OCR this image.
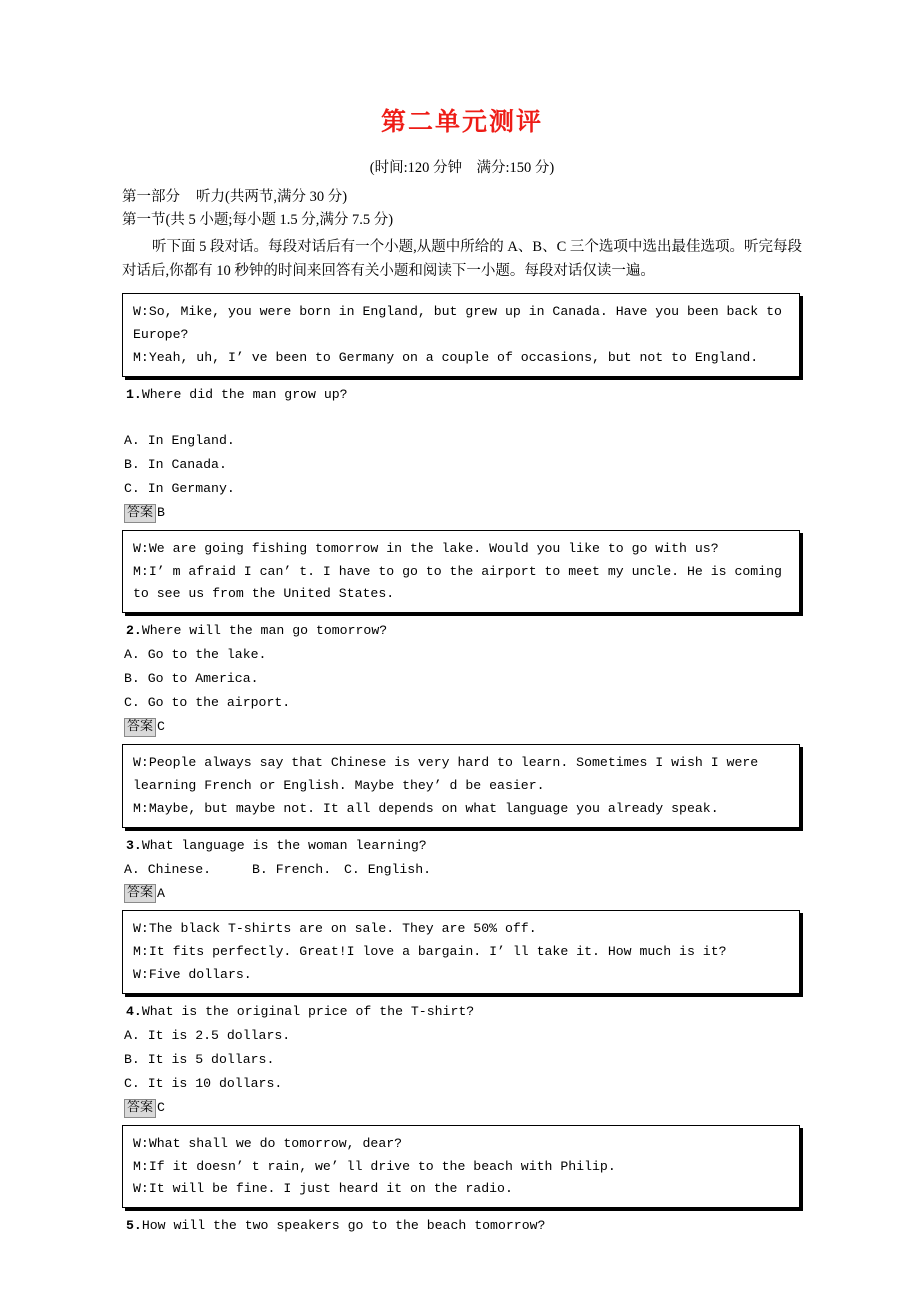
第二单元测评
(时间:120 分钟　满分:150 分)
第一部分 听力(共两节,满分 30 分)
第一节(共 5 小题;每小题 1.5 分,满分 7.5 分)

听下面 5 段对话。每段对话后有一个小题,从题中所给的 A、B、C 三个选项中选出最佳选项。听完每段对话后,你都有 10 秒钟的时间来回答有关小题和阅读下一小题。每段对话仅读一遍。

W:So, Mike, you were born in England, but grew up in Canada. Have you been back to Europe?
M:Yeah, uh, I’ ve been to Germany on a couple of occasions, but not to England.
1.Where did the man grow up?
A. In England.
B. In Canada.
C. In Germany.
答案 B
W:We are going fishing tomorrow in the lake. Would you like to go with us?
M:I’ m afraid I can’ t. I have to go to the airport to meet my uncle. He is coming to see us from the United States.
2.Where will the man go tomorrow?
A. Go to the lake.
B. Go to America.
C. Go to the airport.
答案 C
W:People always say that Chinese is very hard to learn. Sometimes I wish I were learning French or English. Maybe they’ d be easier.
M:Maybe, but maybe not. It all depends on what language you already speak.
3.What language is the woman learning?
A. Chinese.	B. French. C. English.
答案 A
W:The black T-shirts are on sale. They are 50% off.
M:It fits perfectly. Great!I love a bargain. I’ ll take it. How much is it?
W:Five dollars.
4.What is the original price of the T-shirt?
A. It is 2.5 dollars.
B. It is 5 dollars.
C. It is 10 dollars.
答案 C
W:What shall we do tomorrow, dear?
M:If it doesn’ t rain, we’ ll drive to the beach with Philip.
W:It will be fine. I just heard it on the radio.
5.How will the two speakers go to the beach tomorrow?
